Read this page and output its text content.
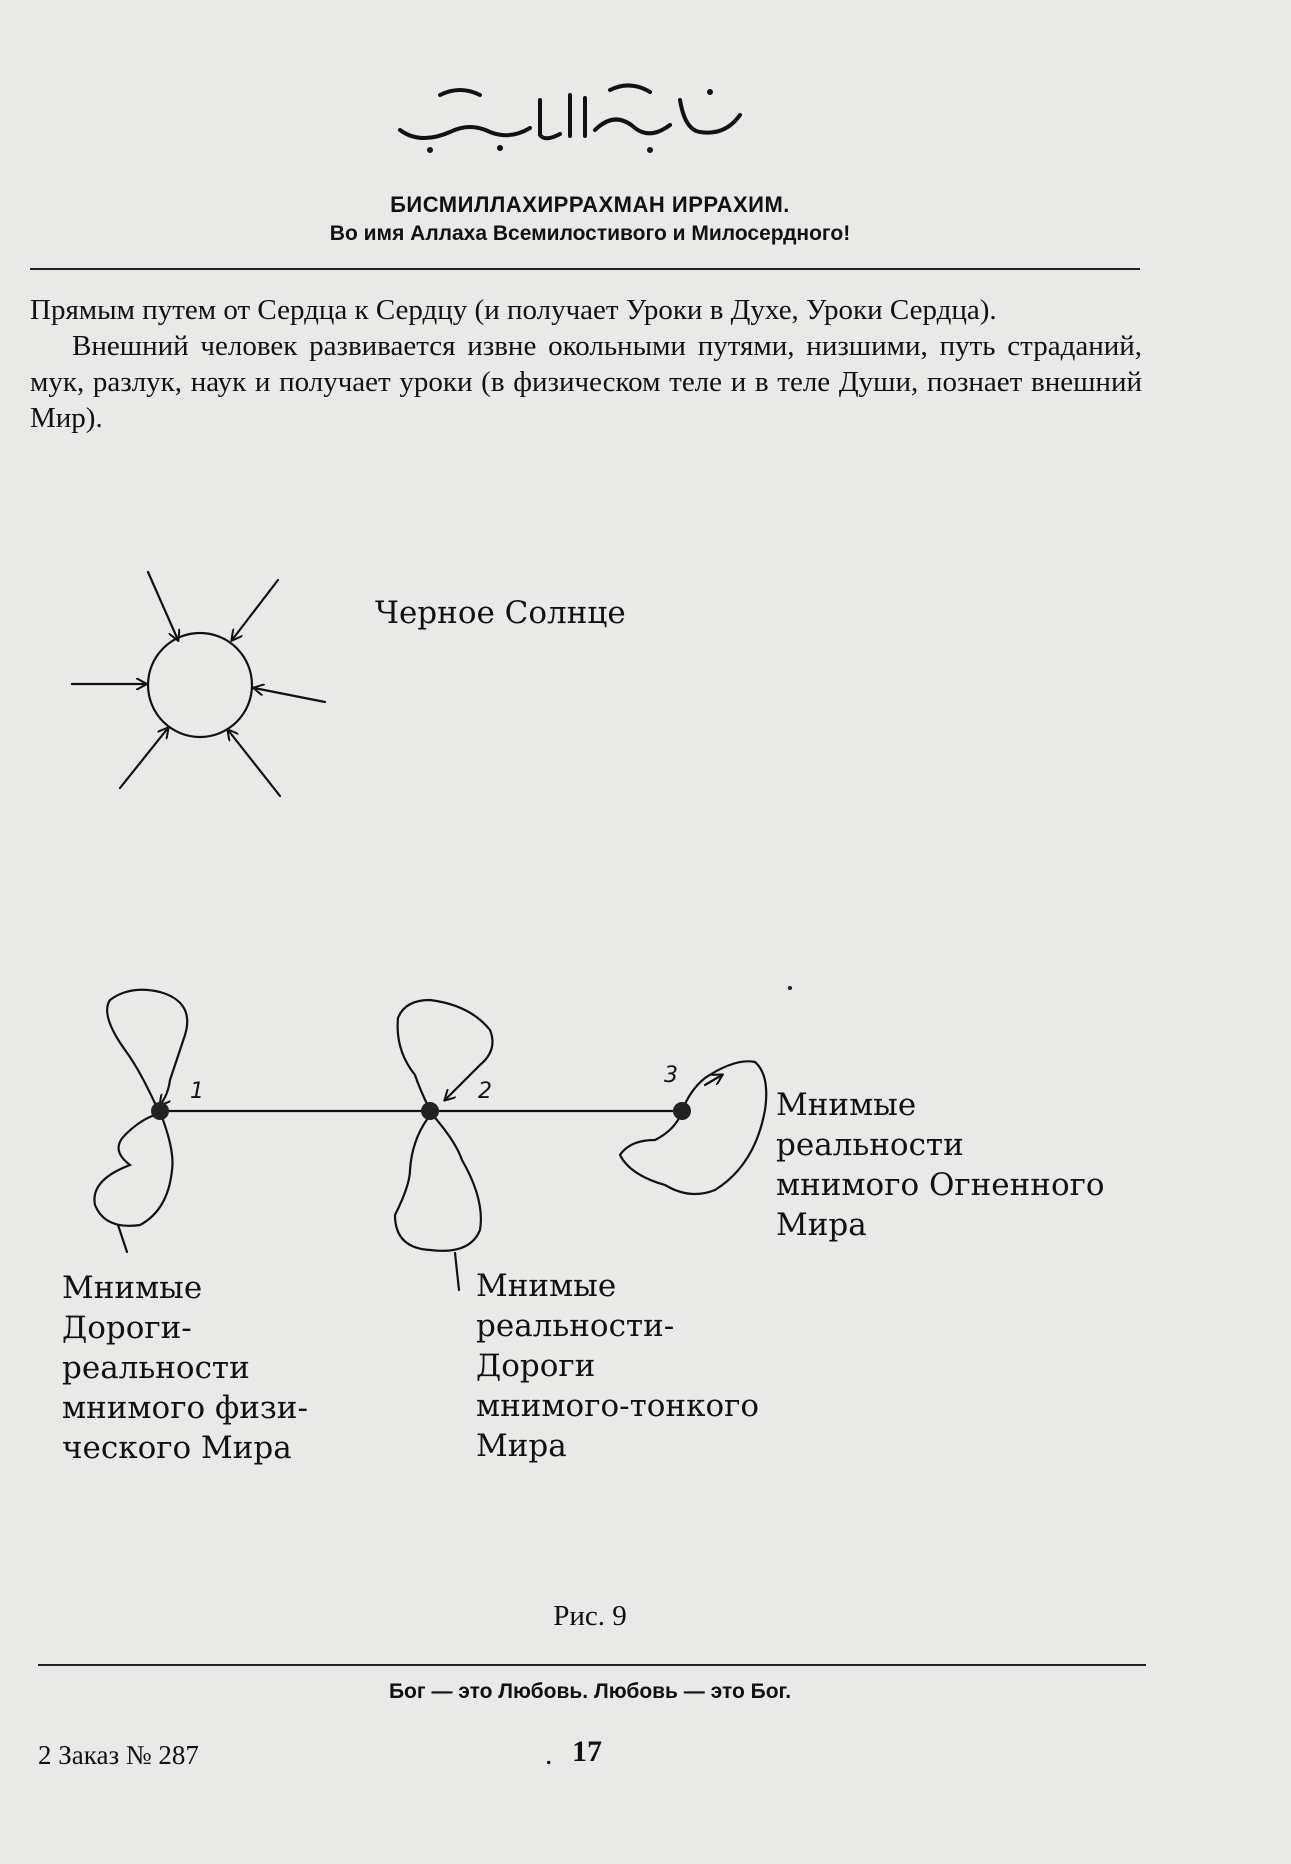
БИСМИЛЛАХИРРАХМАН ИРРАХИМ.
Во имя Аллаха Всемилостивого и Милосердного!

Прямым путем от Сердца к Сердцу (и получает Уроки в Духе, Уроки Сердца).

Внешний человек развивается извне окольными путями, низшими, путь страданий, мук, разлук, наук и получает уроки (в физическом теле и в теле Души, познает внешний Мир).

1	2
3
Черное Солнце
Мнимые
Дороги-
реальности
мнимого физи-
ческого Мира
Мнимые
реальности-
Дороги
мнимого-тонкого
Мира
Мнимые
реальности
мнимого Огненного
Мира
Рис. 9
Бог — это Любовь. Любовь — это Бог.
2 Заказ № 287	. 17
